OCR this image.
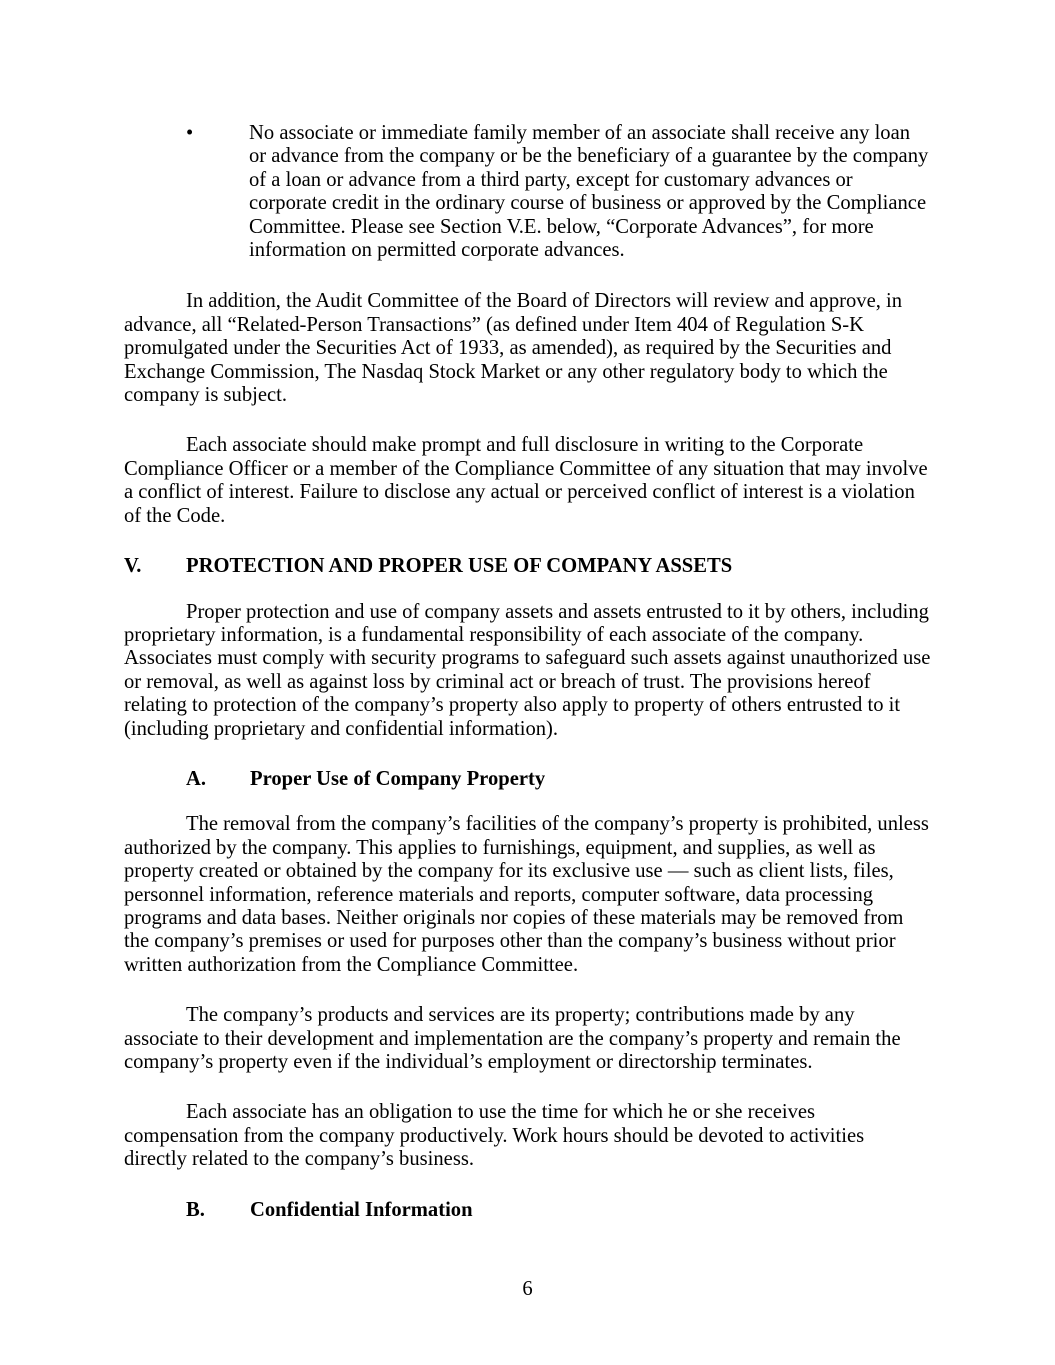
•	No associate or immediate family member of an associate shall receive any loan or advance from the company or be the beneficiary of a guarantee by the company of a loan or advance from a third party, except for customary advances or corporate credit in the ordinary course of business or approved by the Compliance Committee. Please see Section V.E. below, “Corporate Advances”, for more information on permitted corporate advances.

In addition, the Audit Committee of the Board of Directors will review and approve, in advance, all “Related-Person Transactions” (as defined under Item 404 of Regulation S-K promulgated under the Securities Act of 1933, as amended), as required by the Securities and Exchange Commission, The Nasdaq Stock Market or any other regulatory body to which the company is subject.

Each associate should make prompt and full disclosure in writing to the Corporate Compliance Officer or a member of the Compliance Committee of any situation that may involve a conflict of interest. Failure to disclose any actual or perceived conflict of interest is a violation of the Code.

V.	PROTECTION AND PROPER USE OF COMPANY ASSETS

Proper protection and use of company assets and assets entrusted to it by others, including proprietary information, is a fundamental responsibility of each associate of the company. Associates must comply with security programs to safeguard such assets against unauthorized use or removal, as well as against loss by criminal act or breach of trust. The provisions hereof relating to protection of the company’s property also apply to property of others entrusted to it (including proprietary and confidential information).

A.	Proper Use of Company Property

The removal from the company’s facilities of the company’s property is prohibited, unless authorized by the company. This applies to furnishings, equipment, and supplies, as well as property created or obtained by the company for its exclusive use — such as client lists, files, personnel information, reference materials and reports, computer software, data processing programs and data bases. Neither originals nor copies of these materials may be removed from the company’s premises or used for purposes other than the company’s business without prior written authorization from the Compliance Committee.

The company’s products and services are its property; contributions made by any associate to their development and implementation are the company’s property and remain the company’s property even if the individual’s employment or directorship terminates.

Each associate has an obligation to use the time for which he or she receives compensation from the company productively. Work hours should be devoted to activities directly related to the company’s business.

B.	Confidential Information
6
